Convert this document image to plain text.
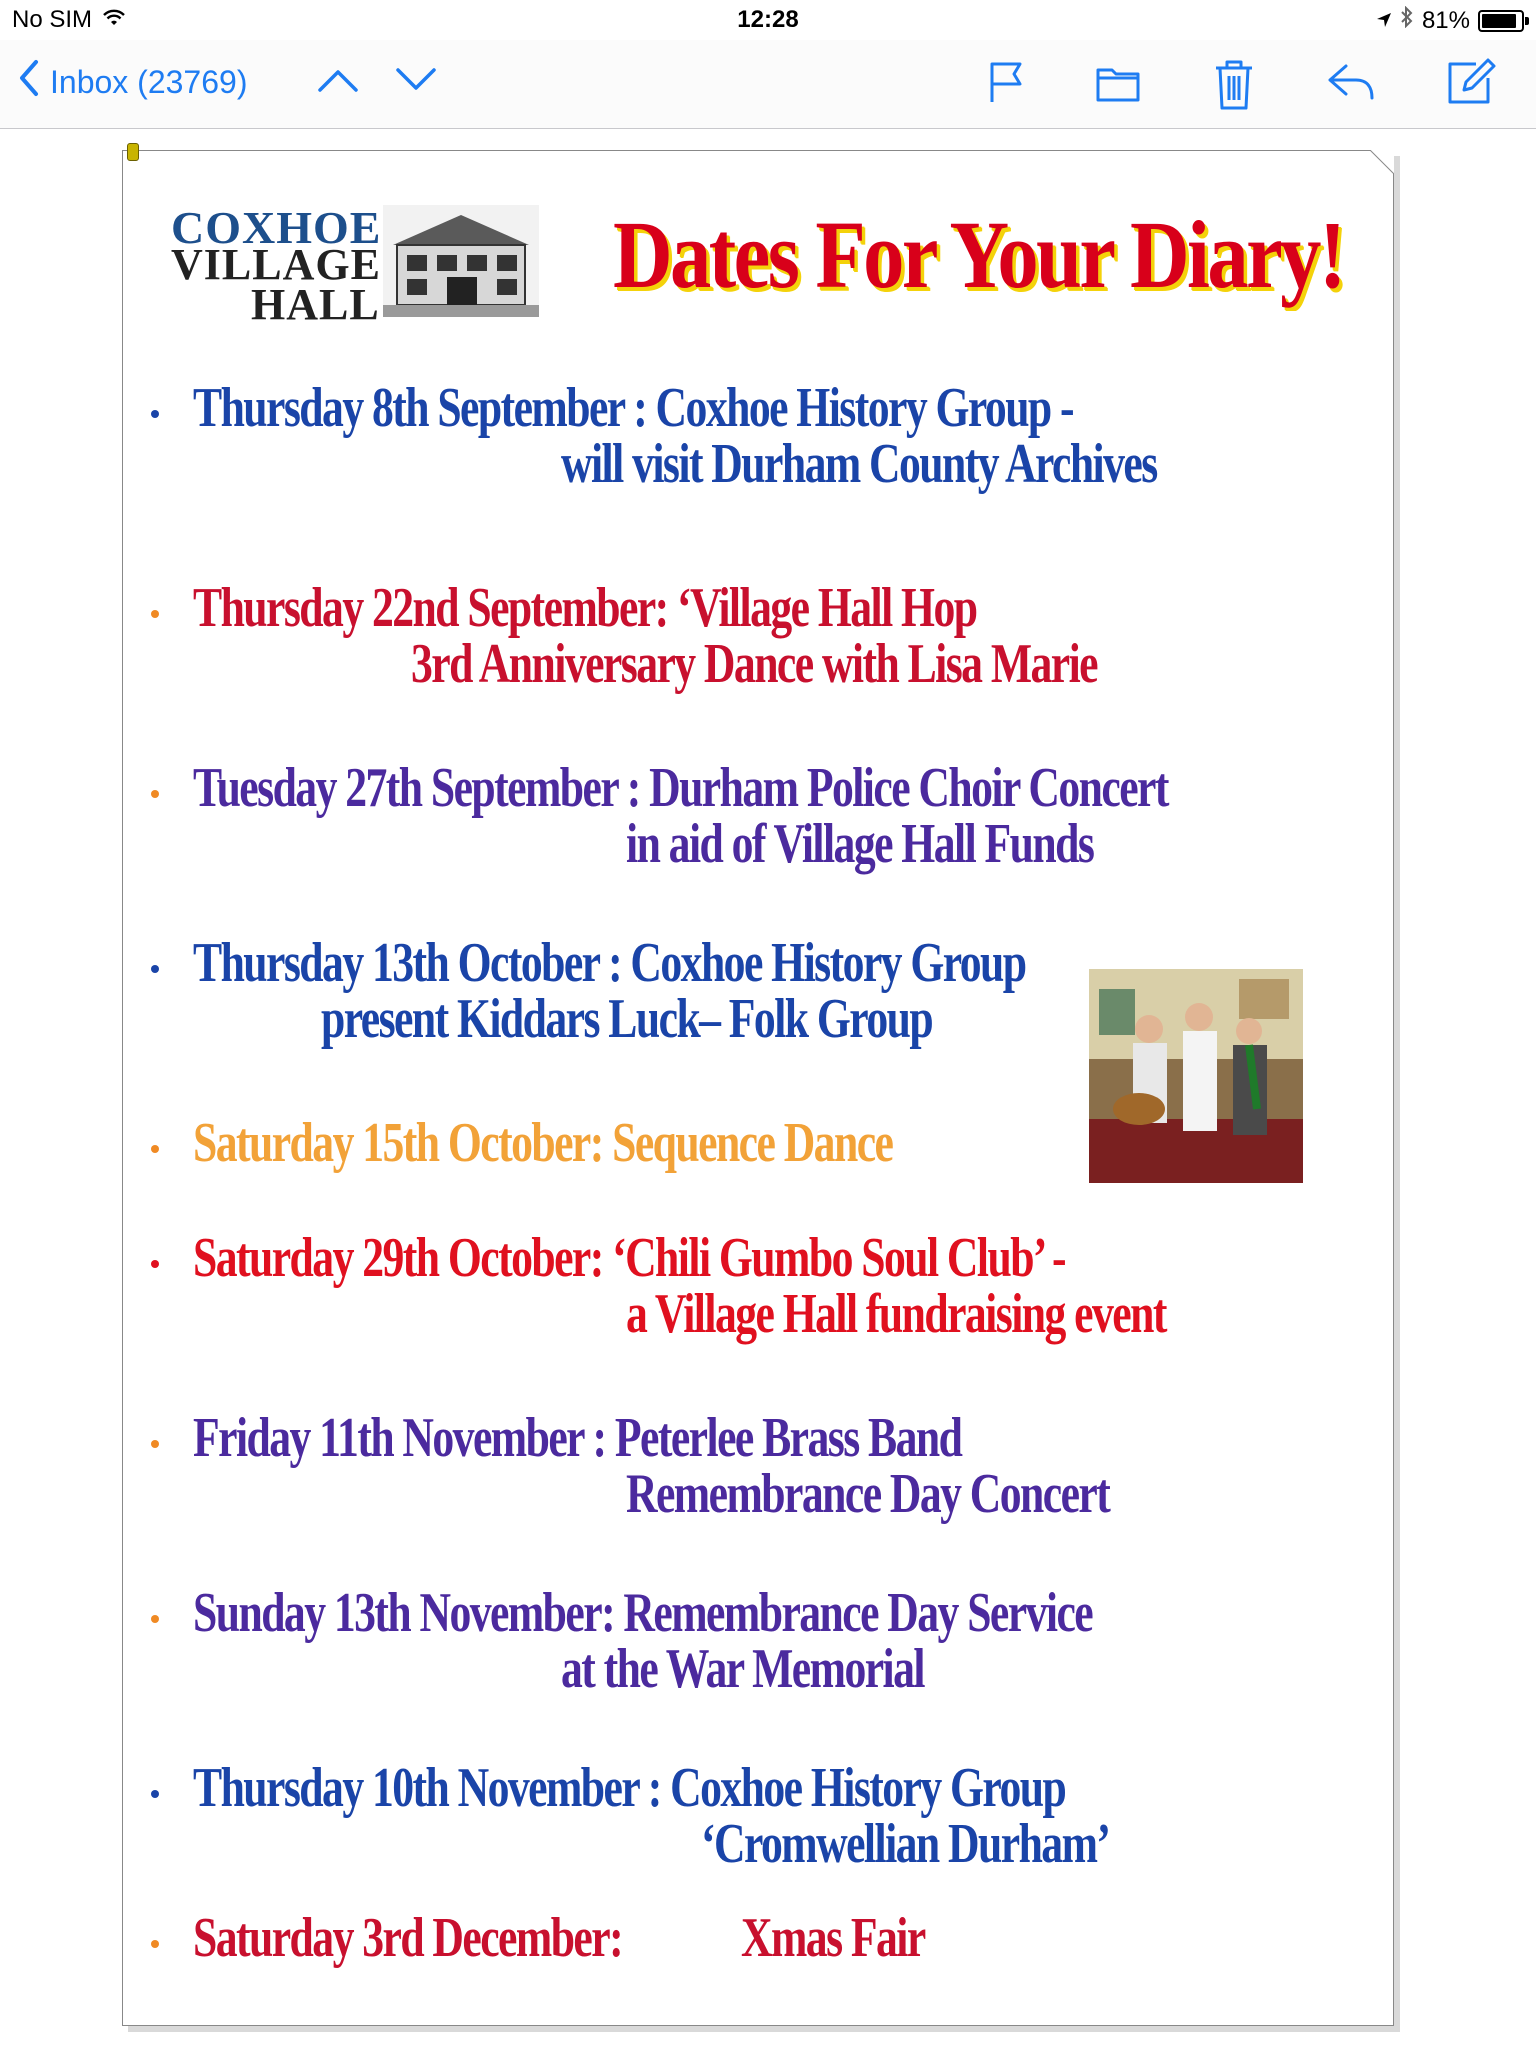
No SIM	12:28	81%
Inbox (23769)
COXHOE
VILLAGE
HALL Dates For Your Diary!
Thursday 8th September : Coxhoe History Group -
will visit Durham County Archives
Thursday 22nd September: ‘Village Hall Hop
3rd Anniversary Dance with Lisa Marie
Tuesday 27th September : Durham Police Choir Concert
in aid of Village Hall Funds
Thursday 13th October : Coxhoe History Group
present Kiddars Luck– Folk Group
Saturday 15th October: Sequence Dance
Saturday 29th October: ‘Chili Gumbo Soul Club’ -
a Village Hall fundraising event
Friday 11th November : Peterlee Brass Band
Remembrance Day Concert
Sunday 13th November: Remembrance Day Service
at the War Memorial
Thursday 10th November : Coxhoe History Group
‘Cromwellian Durham’
Saturday 3rd December: Xmas Fair
